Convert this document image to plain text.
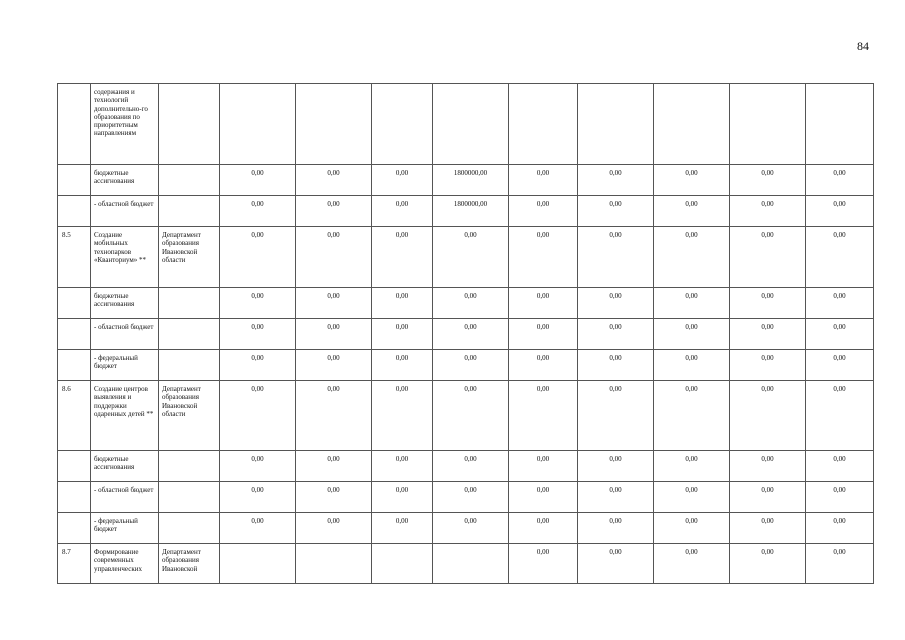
84
	содержания и технологий дополнительно-го образования по приоритетным направлениям										
	бюджетные ассигнования		0,00	0,00	0,00	1800000,00	0,00	0,00	0,00	0,00	0,00
	- областной бюджет		0,00	0,00	0,00	1800000,00	0,00	0,00	0,00	0,00	0,00
8.5	Создание мобильных технопарков «Кванториум» **	Департамент образования Ивановской области	0,00	0,00	0,00	0,00	0,00	0,00	0,00	0,00	0,00
	бюджетные ассигнования		0,00	0,00	0,00	0,00	0,00	0,00	0,00	0,00	0,00
	- областной бюджет		0,00	0,00	0,00	0,00	0,00	0,00	0,00	0,00	0,00
	- федеральный бюджет		0,00	0,00	0,00	0,00	0,00	0,00	0,00	0,00	0,00
8.6	Создание центров выявления и поддержки одаренных детей **	Департамент образования Ивановской области	0,00	0,00	0,00	0,00	0,00	0,00	0,00	0,00	0,00
	бюджетные ассигнования		0,00	0,00	0,00	0,00	0,00	0,00	0,00	0,00	0,00
	- областной бюджет		0,00	0,00	0,00	0,00	0,00	0,00	0,00	0,00	0,00
	- федеральный бюджет		0,00	0,00	0,00	0,00	0,00	0,00	0,00	0,00	0,00
8.7	Формирование современных управленческих	Департамент образования Ивановской					0,00	0,00	0,00	0,00	0,00
